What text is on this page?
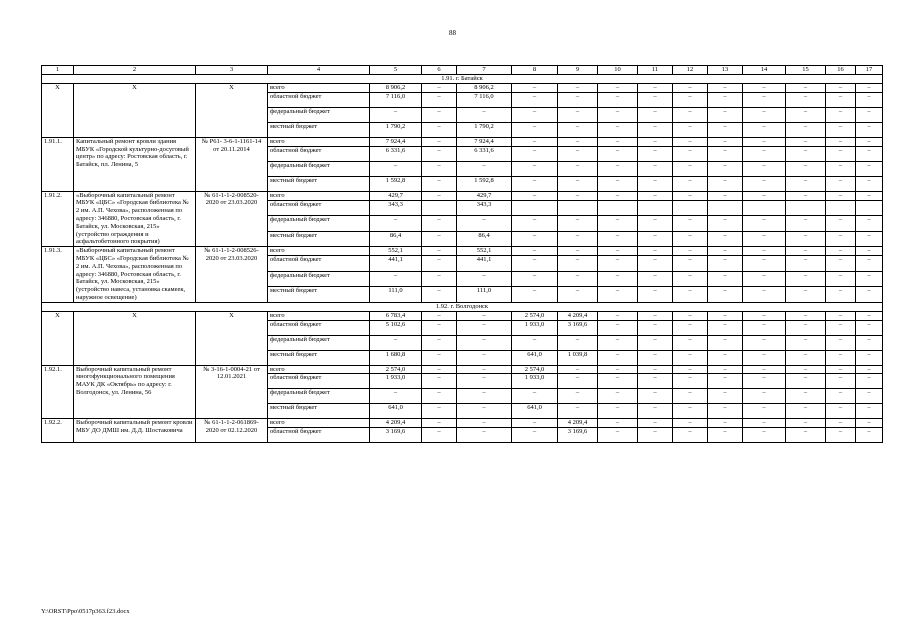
88
1	2	3	4	5	6	7	8	9	10	11	12	13	14	15	16	17
1.91. г. Батайск																
X	X	X	всего	8 906,2	–	8 906,2	–	–	–	–	–	–	–	–	–	–
			областной бюджет	7 116,0	–	7 116,0	–	–	–	–	–	–	–	–	–	–
			федеральный бюджет	–	–	–	–	–	–	–	–	–	–	–	–	–
			местный бюджет	1 790,2	–	1 790,2	–	–	–	–	–	–	–	–	–	–
1.91.1.	Капитальный ремонт кровли здания МБУК «Городской культурно-досуговый центр» по адресу: Ростовская область, г. Батайск, пл. Ленина, 5	№ Р61- 3-6-1-1161-14 от 20.11.2014	всего	7 924,4	–	7 924,4	–	–	–	–	–	–	–	–	–	–
			областной бюджет	6 331,6	–	6 331,6	–	–	–	–	–	–	–	–	–	–
			федеральный бюджет	–	–	–	–	–	–	–	–	–	–	–	–	–
			местный бюджет	1 592,8	–	1 592,8	–	–	–	–	–	–	–	–	–	–
1.91.2.	«Выборочный капитальный ремонт МБУК «ЦБС» «Городская библиотека № 2 им. А.П. Чехова», расположенная по адресу: 346880, Ростовская область, г. Батайск, ул. Московская, 215» (устройство ограждения и асфальтобетонного покрытия)	№ 61-1-1-2-008520-2020 от 23.03.2020	всего	429,7	–	429,7	–	–	–	–	–	–	–	–	–	–
			областной бюджет	343,3		343,3										
			федеральный бюджет	–	–	–	–	–	–	–	–	–	–	–	–	–
			местный бюджет	86,4	–	86,4	–	–	–	–	–	–	–	–	–	–
1.91.3.	«Выборочный капитальный ремонт МБУК «ЦБС» «Городская библиотека № 2 им. А.П. Чехова», расположенная по адресу: 346880, Ростовская область, г. Батайск, ул. Московская, 215» (устройство навеса, установка скамеек, наружное освещение)	№ 61-1-1-2-008526-2020 от 23.03.2020	всего	552,1	–	552,1	–	–	–	–	–	–	–	–	–	–
			областной бюджет	441,1	–	441,1	–	–	–	–	–	–	–	–	–	–
			федеральный бюджет	–	–	–	–	–	–	–	–	–	–	–	–	–
			местный бюджет	111,0	–	111,0	–	–	–	–	–	–	–	–	–	–
1.92. г. Волгодонск																
X	X	X	всего	6 783,4	–	–	2 574,0	4 209,4	–	–	–	–	–	–	–	–
			областной бюджет	5 102,6	–	–	1 933,0	3 169,6	–	–	–	–	–	–	–	–
			федеральный бюджет	–	–	–	–	–	–	–	–	–	–	–	–	–
			местный бюджет	1 680,8	–	–	641,0	1 039,8	–	–	–	–	–	–	–	–
1.92.1.	Выборочный капитальный ремонт многофункционального помещения МАУК ДК «Октябрь» по адресу: г. Волгодонск, ул. Ленина, 56	№ 3-16-1-0004-21 от 12.01.2021	всего	2 574,0	–	–	2 574,0	–	–	–	–	–	–	–	–	–
			областной бюджет	1 933,0	–	–	1 933,0	–	–	–	–	–	–	–	–	–
			федеральный бюджет	–	–	–	–	–	–	–	–	–	–	–	–	–
			местный бюджет	641,0	–	–	641,0	–	–	–	–	–	–	–	–	–
1.92.2.	Выборочный капитальный ремонт кровли МБУ ДО ДМШ им. Д.Д. Шостаковича	№ 61-1-1-2-061869-2020 от 02.12.2020	всего	4 209,4	–	–	–	4 209,4	–	–	–	–	–	–	–	–
			областной бюджет	3 169,6	–	–	–	3 169,6	–	–	–	–	–	–	–	–
Y:\ORST\Ppo\0517p363.f23.docx
